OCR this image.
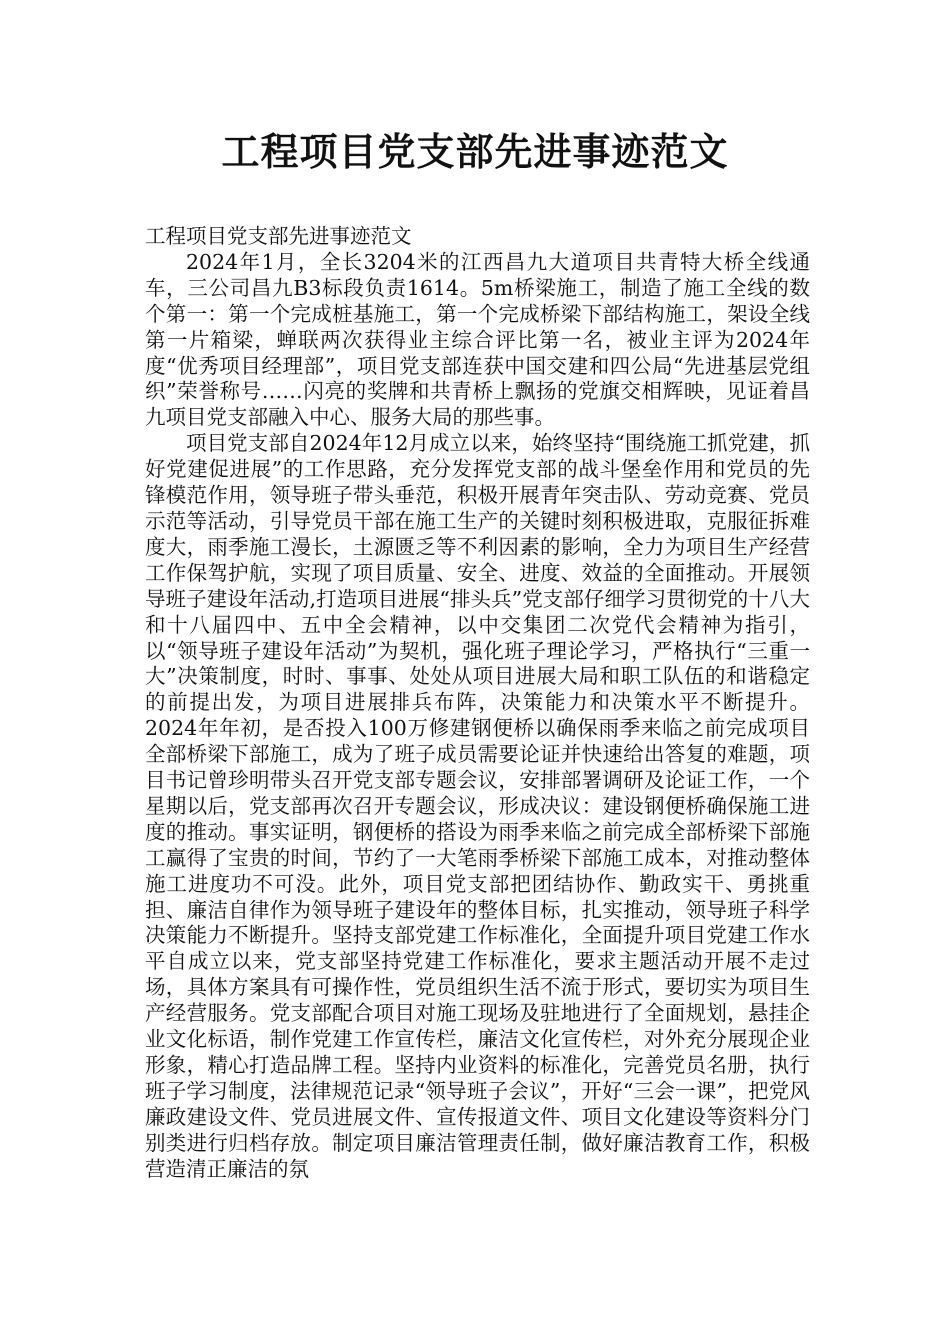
工程项目党支部先进事迹范文

工程项目党支部先进事迹范文

2024年1月，全长3204米的江西昌九大道项目共青特大桥全线通车，三公司昌九B3标段负责1614。5m桥梁施工，制造了施工全线的数个第一：第一个完成桩基施工，第一个完成桥梁下部结构施工，架设全线第一片箱梁，蝉联两次获得业主综合评比第一名，被业主评为2024年度“优秀项目经理部”，项目党支部连获中国交建和四公局“先进基层党组织”荣誉称号……闪亮的奖牌和共青桥上飘扬的党旗交相辉映，见证着昌九项目党支部融入中心、服务大局的那些事。

项目党支部自2024年12月成立以来，始终坚持“围绕施工抓党建，抓好党建促进展”的工作思路，充分发挥党支部的战斗堡垒作用和党员的先锋模范作用，领导班子带头垂范，积极开展青年突击队、劳动竞赛、党员示范等活动，引导党员干部在施工生产的关键时刻积极进取，克服征拆难度大，雨季施工漫长，土源匮乏等不利因素的影响，全力为项目生产经营工作保驾护航，实现了项目质量、安全、进度、效益的全面推动。开展领导班子建设年活动,打造项目进展“排头兵”党支部仔细学习贯彻党的十八大和十八届四中、五中全会精神，以中交集团二次党代会精神为指引，以“领导班子建设年活动”为契机，强化班子理论学习，严格执行“三重一大”决策制度，时时、事事、处处从项目进展大局和职工队伍的和谐稳定的前提出发，为项目进展排兵布阵，决策能力和决策水平不断提升。2024年年初，是否投入100万修建钢便桥以确保雨季来临之前完成项目全部桥梁下部施工，成为了班子成员需要论证并快速给出答复的难题，项目书记曾珍明带头召开党支部专题会议，安排部署调研及论证工作，一个星期以后，党支部再次召开专题会议，形成决议：建设钢便桥确保施工进度的推动。事实证明，钢便桥的搭设为雨季来临之前完成全部桥梁下部施工赢得了宝贵的时间，节约了一大笔雨季桥梁下部施工成本，对推动整体施工进度功不可没。此外，项目党支部把团结协作、勤政实干、勇挑重担、廉洁自律作为领导班子建设年的整体目标，扎实推动，领导班子科学决策能力不断提升。坚持支部党建工作标准化，全面提升项目党建工作水平自成立以来，党支部坚持党建工作标准化，要求主题活动开展不走过场，具体方案具有可操作性，党员组织生活不流于形式，要切实为项目生产经营服务。党支部配合项目对施工现场及驻地进行了全面规划，悬挂企业文化标语，制作党建工作宣传栏，廉洁文化宣传栏，对外充分展现企业形象，精心打造品牌工程。坚持内业资料的标准化，完善党员名册，执行班子学习制度，法律规范记录“领导班子会议”，开好“三会一课”，把党风廉政建设文件、党员进展文件、宣传报道文件、项目文化建设等资料分门别类进行归档存放。制定项目廉洁管理责任制，做好廉洁教育工作，积极营造清正廉洁的氛
